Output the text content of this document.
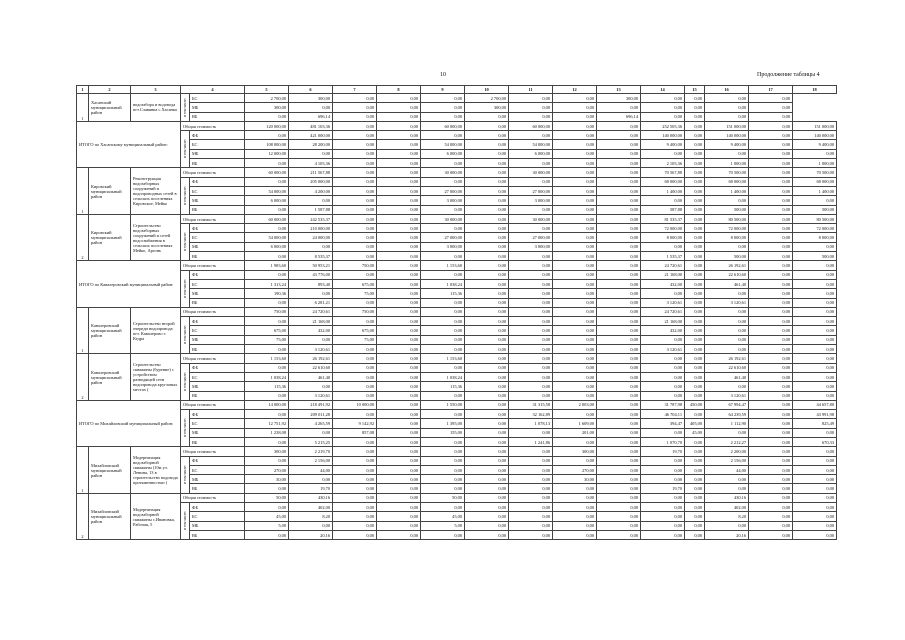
10	Продолжение таблицы 4
1	2	3	4		5	6	7	8	9	10	11	12	13	14	15	16	17	18
1	Хасанский муниципальный район	водозабора и водовода пгт.Славянка с.Хасанка	в том числе:	БС	2 700,00	300,00	0,00	0,00	0,00	2 700,00	0,00	0,00	300,00	0,00	0,00	0,00	0,00	
				МБ	300,00	0,00	0,00	0,00	0,00	300,00	0,00	0,00	0,00	0,00	0,00	0,00	0,00	
				ВБ	0,00	696,14	0,00	0,00	0,00	0,00	0,00	0,00	696,14	0,00	0,00	0,00	0,00	
ИТОГО по Хасанскому муниципальный район:			Общая стоимость		120 000,00	481 103,36	0,00	0,00	60 000,00	0,00	60 000,00	0,00	0,00	252 505,36	0,00	151 000,00	0,00	151 000,00
			в том числе:	ФБ	0,00	421 000,00	0,00	0,00	0,00	0,00	0,00	0,00	0,00	140 000,00	0,00	140 000,00	0,00	140 000,00
				БС	108 000,00	28 200,00	0,00	0,00	54 000,00	0,00	54 000,00	0,00	0,00	9 400,00	0,00	9 400,00	0,00	9 400,00
				МБ	12 000,00	0,00	0,00	0,00	6 000,00	0,00	6 000,00	0,00	0,00	0,00	0,00	0,00	0,00	0,00
				ВБ	0,00	4 105,36	0,00	0,00	0,00	0,00	0,00	0,00	0,00	2 105,36	0,00	1 000,00	0,00	1 000,00
1	Кировский муниципальный район	Реконструкция водозаборных сооружений и водопроводных сетей в сельских поселениях Кировское, Мейко	Общая стоимость		60 000,00	211 567,88	0,00	0,00	30 000,00	0,00	30 000,00	0,00	0,00	70 567,88	0,00	70 500,00	0,00	70 500,00
			в том числе:	ФБ	0,00	205 000,00	0,00	0,00	0,00	0,00	0,00	0,00	0,00	68 000,00	0,00	68 000,00	0,00	68 000,00
				БС	54 000,00	4 200,00	0,00	0,00	27 000,00	0,00	27 000,00	0,00	0,00	1 400,00	0,00	1 400,00	0,00	1 400,00
				МБ	6 000,00	0,00	0,00	0,00	3 000,00	0,00	3 000,00	0,00	0,00	0,00	0,00	0,00	0,00	0,00
				ВБ	0,00	1 587,88	0,00	0,00	0,00	0,00	0,00	0,00	0,00	587,88	0,00	500,00	0,00	500,00
2	Кировский муниципальный район	Строительство водозаборных сооружений и сетей водоснабжения в сельских поселениях Мейко, Аргонь	Общая стоимость		60 000,00	242 535,37	0,00	0,00	30 000,00	0,00	30 000,00	0,00	0,00	81 535,37	0,00	80 500,00	0,00	80 500,00
			в том числе:	ФБ	0,00	210 000,00	0,00	0,00	0,00	0,00	0,00	0,00	0,00	72 000,00	0,00	72 000,00	0,00	72 000,00
				БС	54 000,00	24 000,00	0,00	0,00	27 000,00	0,00	27 000,00	0,00	0,00	8 000,00	0,00	8 000,00	0,00	8 000,00
				МБ	6 000,00	0,00	0,00	0,00	3 000,00	0,00	3 000,00	0,00	0,00	0,00	0,00	0,00	0,00	0,00
				ВБ	0,00	8 535,37	0,00	0,00	0,00	0,00	0,00	0,00	0,00	1 535,37	0,00	500,00	0,00	500,00
ИТОГО по Кавалеровский муниципальный район:			Общая стоимость		1 983,60	50 953,21	750,00	0,00	1 153,60	0,00	0,00	0,00	0,00	24 720,61	0,00	26 192,61	0,00	0,00
			в том числе:	ФБ	0,00	43 776,00	0,00	0,00	0,00	0,00	0,00	0,00	0,00	21 168,00	0,00	22 610,60	0,00	0,00
				БС	1 313,24	893,40	675,00	0,00	1 038,24	0,00	0,00	0,00	0,00	432,00	0,00	461,40	0,00	0,00
				МБ	190,36	0,00	75,00	0,00	115,36	0,00	0,00	0,00	0,00	0,00	0,00	0,00	0,00	0,00
				ВБ	0,00	6 281,21	0,00	0,00	0,00	0,00	0,00	0,00	0,00	3 120,61	0,00	3 120,61	0,00	0,00
1	Кавалеровский муниципальный район	Строительство второй очереди водопровода пгт. Кавалерово г. Кедра	Общая стоимость		750,00	24 720,61	750,00	0,00	0,00	0,00	0,00	0,00	0,00	24 720,61	0,00	0,00	0,00	0,00
			в том числе:	ФБ	0,00	21 168,00	0,00	0,00	0,00	0,00	0,00	0,00	0,00	21 168,00	0,00	0,00	0,00	0,00
				БС	675,00	432,00	675,00	0,00	0,00	0,00	0,00	0,00	0,00	432,00	0,00	0,00	0,00	0,00
				МБ	75,00	0,00	75,00	0,00	0,00	0,00	0,00	0,00	0,00	0,00	0,00	0,00	0,00	0,00
				ВБ	0,00	3 120,61	0,00	0,00	0,00	0,00	0,00	0,00	0,00	3 120,61	0,00	0,00	0,00	0,00
2	Кавалеровский муниципальный район	Строительство скважины (бурение) с устройством разводящей сети водопровода кругловых местах (	Общая стоимость		1 153,60	26 192,61	0,00	0,00	1 153,60	0,00	0,00	0,00	0,00	0,00	0,00	26 192,61	0,00	0,00
			в том числе:	ФБ	0,00	22 610,60	0,00	0,00	0,00	0,00	0,00	0,00	0,00	0,00	0,00	22 610,60	0,00	0,00
				БС	1 038,24	461,40	0,00	0,00	1 038,24	0,00	0,00	0,00	0,00	0,00	0,00	461,40	0,00	0,00
				МБ	115,36	0,00	0,00	0,00	115,36	0,00	0,00	0,00	0,00	0,00	0,00	0,00	0,00	0,00
				ВБ	0,00	3 120,61	0,00	0,00	0,00	0,00	0,00	0,00	0,00	0,00	0,00	3 120,61	0,00	0,00
ИТОГО по Михайловский муниципальный район:			Общая стоимость		14 000,00	218 491,92	10 000,00	0,00	1 550,00	0,00	31 315,58	2 003,00	0,00	31 787,98	450,00	67 994,47	0,00	44 657,80
			в том числе:	ФБ	0,00	209 011,28	0,00	0,00	0,00	0,00	32 162,89	0,00	0,00	46 704,11	0,00	64 239,59	0,00	43 991,98
				БС	12 751,92	4 265,59	9 142,92	0,00	1 395,00	0,00	1 078,13	1 609,00	0,00	394,47	405,00	1 112,90	0,00	825,49
				МБ	1 238,08	0,00	857,08	0,00	155,00	0,00	0,00	201,00	0,00	0,00	45,00	0,00	0,00	0,00
				ВБ	0,00	5 215,25	0,00	0,00	0,00	0,00	1 241,86	0,00	0,00	1 070,70	0,00	2 212,27	0,00	670,33
1	Михайловский муниципальный район	Модернизация водозаборной скважины (10м ул. Ленина, 13 в строительство водовода протяженностью (	Общая стоимость		300,00	2 219,70	0,00	0,00	0,00	0,00	0,00	300,00	0,00	19,70	0,00	2 200,00	0,00	0,00
			в том числе:	ФБ	0,00	2 156,00	0,00	0,00	0,00	0,00	0,00	0,00	0,00	0,00	0,00	2 156,00	0,00	0,00
				БС	270,00	44,00	0,00	0,00	0,00	0,00	0,00	270,00	0,00	0,00	0,00	44,00	0,00	0,00
				МБ	30,00	0,00	0,00	0,00	0,00	0,00	0,00	30,00	0,00	0,00	0,00	0,00	0,00	0,00
				ВБ	0,00	19,70	0,00	0,00	0,00	0,00	0,00	0,00	0,00	19,70	0,00	0,00	0,00	0,00
2	Михайловский муниципальный район	Модернизация водозаборной скважины с.Ивановка, Рабочая, 5	Общая стоимость		50,00	430,16	0,00	0,00	50,00	0,00	0,00	0,00	0,00	0,00	0,00	430,16	0,00	0,00
			в том числе:	ФБ	0,00	402,00	0,00	0,00	0,00	0,00	0,00	0,00	0,00	0,00	0,00	402,00	0,00	0,00
				БС	45,00	8,20	0,00	0,00	45,00	0,00	0,00	0,00	0,00	0,00	0,00	8,20	0,00	0,00
				МБ	5,00	0,00	0,00	0,00	5,00	0,00	0,00	0,00	0,00	0,00	0,00	0,00	0,00	0,00
				ВБ	0,00	20,16	0,00	0,00	0,00	0,00	0,00	0,00	0,00	0,00	0,00	20,16	0,00	0,00
